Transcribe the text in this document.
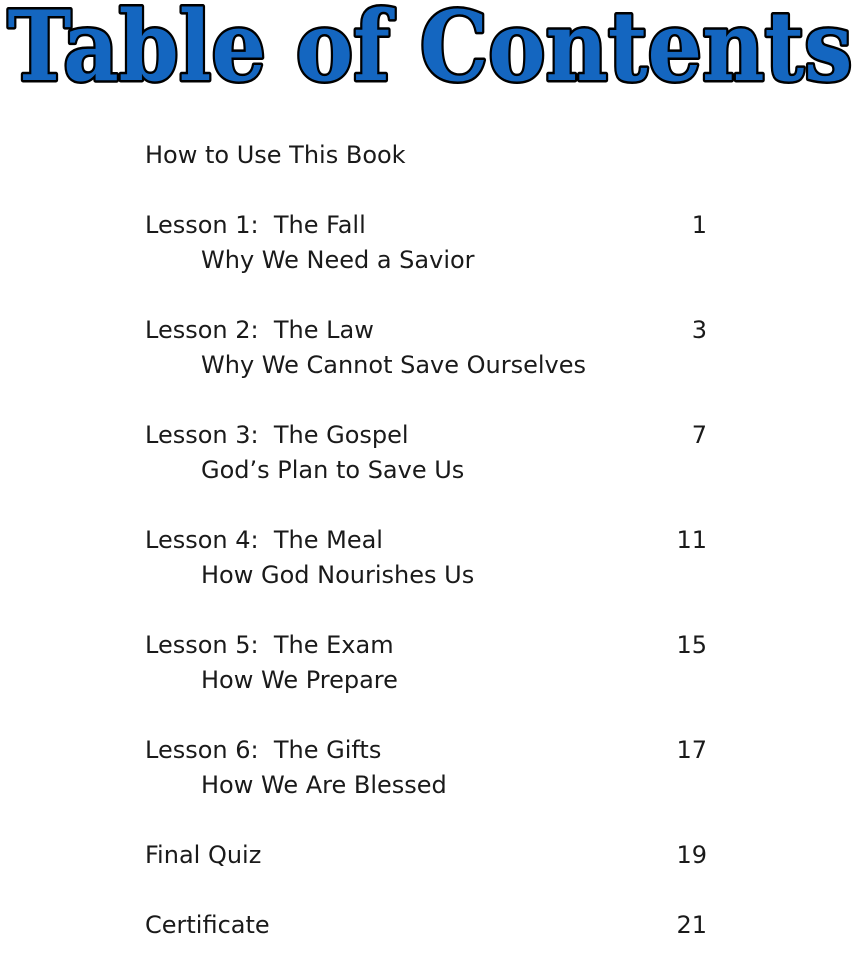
Table of Contents
How to Use This Book
Lesson 1:  The Fall	1
Why We Need a Savior
Lesson 2:  The Law	3
Why We Cannot Save Ourselves
Lesson 3:  The Gospel	7
God’s Plan to Save Us
Lesson 4:  The Meal	11
How God Nourishes Us
Lesson 5:  The Exam	15
How We Prepare
Lesson 6:  The Gifts	17
How We Are Blessed
Final Quiz	19
Certificate	21
